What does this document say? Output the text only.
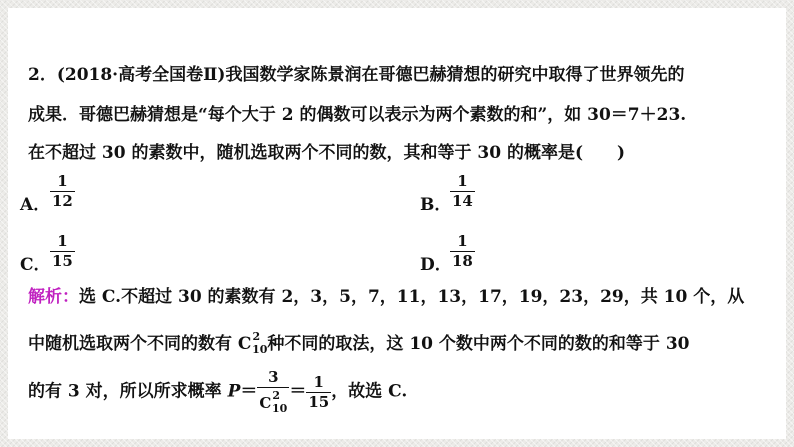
2．(2018·高考全国卷Ⅱ)我国数学家陈景润在哥德巴赫猜想的研究中取得了世界领先的
成果．哥德巴赫猜想是“每个大于 2 的偶数可以表示为两个素数的和”，如 30＝7＋23.
在不超过 30 的素数中，随机选取两个不同的数，其和等于 30 的概率是(　　)
A． $\frac{1}{12}$	B．
$\frac{1}{14}$
C． $\frac{1}{15}$	D．
$\frac{1}{18}$
解析：选 C.不超过 30 的素数有 2，3，5，7，11，13，17，19，23，29，共 10 个，从
中随机选取两个不同的数有 $C^2_{10}$种不同的取法，这 10 个数中两个不同的数的和等于 30
的有 3 对，所以所求概率 $P= \frac{3}{C^2_{10}} = \frac{1}{15}$ ，故选 C.
